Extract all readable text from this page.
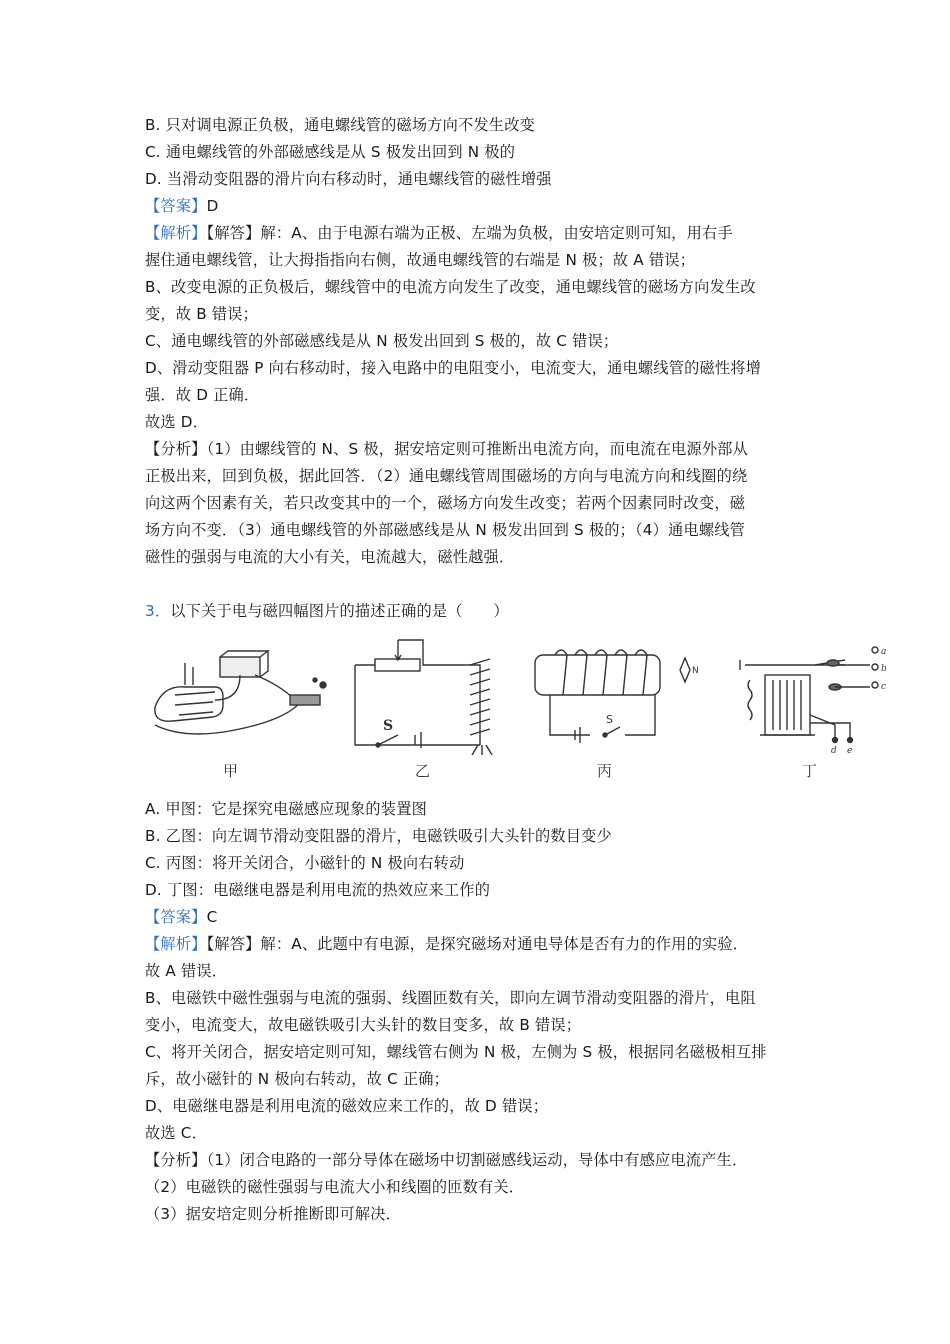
B. 只对调电源正负极，通电螺线管的磁场方向不发生改变
C. 通电螺线管的外部磁感线是从 S 极发出回到 N 极的
D. 当滑动变阻器的滑片向右移动时，通电螺线管的磁性增强
【答案】D
【解析】【解答】解：A、由于电源右端为正极、左端为负极，由安培定则可知，用右手
握住通电螺线管，让大拇指指向右侧，故通电螺线管的右端是 N 极；故 A 错误；
B、改变电源的正负极后，螺线管中的电流方向发生了改变，通电螺线管的磁场方向发生改
变，故 B 错误；
C、通电螺线管的外部磁感线是从 N 极发出回到 S 极的，故 C 错误；
D、滑动变阻器 P 向右移动时，接入电路中的电阻变小，电流变大，通电螺线管的磁性将增
强．故 D 正确．
故选 D．
【分析】（1）由螺线管的 N、S 极，据安培定则可推断出电流方向，而电流在电源外部从
正极出来，回到负极，据此回答．（2）通电螺线管周围磁场的方向与电流方向和线圈的绕
向这两个因素有关，若只改变其中的一个，磁场方向发生改变；若两个因素同时改变，磁
场方向不变．（3）通电螺线管的外部磁感线是从 N 极发出回到 S 极的；（4）通电螺线管
磁性的强弱与电流的大小有关，电流越大，磁性越强．
3．以下关于电与磁四幅图片的描述正确的是（　　）
甲
S
乙
S
N
丙
a
b
c
d e
丁
A. 甲图：它是探究电磁感应现象的装置图
B. 乙图：向左调节滑动变阻器的滑片，电磁铁吸引大头针的数目变少
C. 丙图：将开关闭合，小磁针的 N 极向右转动
D. 丁图：电磁继电器是利用电流的热效应来工作的
【答案】C
【解析】【解答】解：A、此题中有电源，是探究磁场对通电导体是否有力的作用的实验．
故 A 错误．
B、电磁铁中磁性强弱与电流的强弱、线圈匝数有关，即向左调节滑动变阻器的滑片，电阻
变小，电流变大，故电磁铁吸引大头针的数目变多，故 B 错误；
C、将开关闭合，据安培定则可知，螺线管右侧为 N 极，左侧为 S 极，根据同名磁极相互排
斥，故小磁针的 N 极向右转动，故 C 正确；
D、电磁继电器是利用电流的磁效应来工作的，故 D 错误；
故选 C．
【分析】（1）闭合电路的一部分导体在磁场中切割磁感线运动，导体中有感应电流产生．
（2）电磁铁的磁性强弱与电流大小和线圈的匝数有关．
（3）据安培定则分析推断即可解决．
